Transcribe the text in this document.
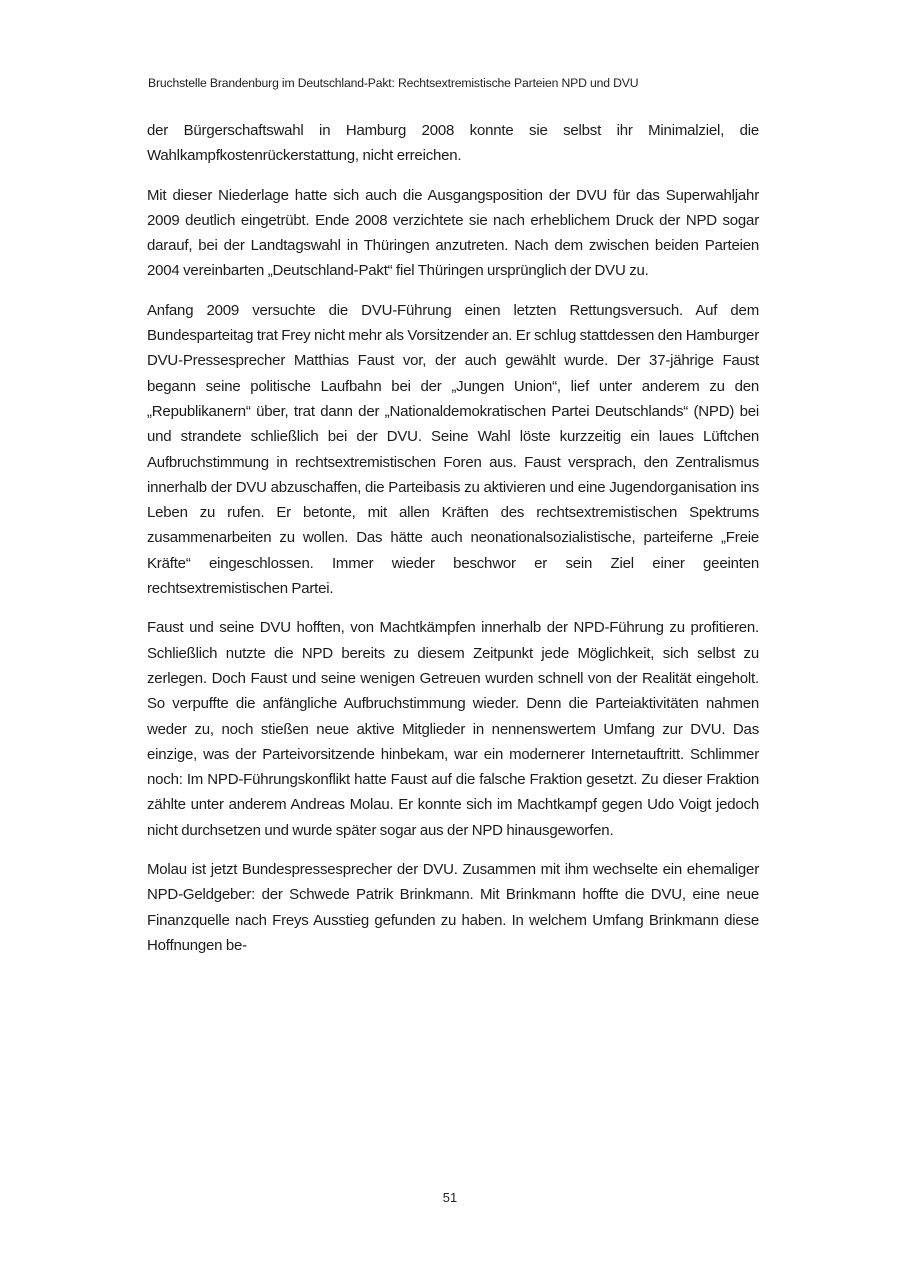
Bruchstelle Brandenburg im Deutschland-Pakt: Rechtsextremistische Parteien NPD und DVU

der Bürgerschaftswahl in Hamburg 2008 konnte sie selbst ihr Minimalziel, die Wahlkampfkostenrückerstattung, nicht erreichen.

Mit dieser Niederlage hatte sich auch die Ausgangsposition der DVU für das Superwahljahr 2009 deutlich eingetrübt. Ende 2008 verzichtete sie nach erheblichem Druck der NPD sogar darauf, bei der Landtagswahl in Thüringen anzutreten. Nach dem zwischen beiden Parteien 2004 vereinbarten „Deutschland-Pakt“ fiel Thüringen ursprünglich der DVU zu.

Anfang 2009 versuchte die DVU-Führung einen letzten Rettungsversuch. Auf dem Bundesparteitag trat Frey nicht mehr als Vorsitzender an. Er schlug stattdessen den Hamburger DVU-Pressesprecher Matthias Faust vor, der auch gewählt wurde. Der 37-jährige Faust begann seine politische Laufbahn bei der „Jungen Union“, lief unter anderem zu den „Republikanern“ über, trat dann der „Nationaldemokratischen Partei Deutschlands“ (NPD) bei und strandete schließlich bei der DVU. Seine Wahl löste kurzzeitig ein laues Lüftchen Aufbruchstimmung in rechtsextremistischen Foren aus. Faust versprach, den Zentralismus innerhalb der DVU abzuschaffen, die Parteibasis zu aktivieren und eine Jugendorganisation ins Leben zu rufen. Er betonte, mit allen Kräften des rechtsextremistischen Spektrums zusammenarbeiten zu wollen. Das hätte auch neonationalsozialistische, parteiferne „Freie Kräfte“ eingeschlossen. Immer wieder beschwor er sein Ziel einer geeinten rechtsextremistischen Partei.

Faust und seine DVU hofften, von Machtkämpfen innerhalb der NPD-Führung zu profitieren. Schließlich nutzte die NPD bereits zu diesem Zeitpunkt jede Möglichkeit, sich selbst zu zerlegen. Doch Faust und seine wenigen Getreuen wurden schnell von der Realität eingeholt. So verpuffte die anfängliche Aufbruchstimmung wieder. Denn die Parteiaktivitäten nahmen weder zu, noch stießen neue aktive Mitglieder in nennenswertem Umfang zur DVU. Das einzige, was der Parteivorsitzende hinbekam, war ein modernerer Internetauftritt. Schlimmer noch: Im NPD-Führungskonflikt hatte Faust auf die falsche Fraktion gesetzt. Zu dieser Fraktion zählte unter anderem Andreas Molau. Er konnte sich im Machtkampf gegen Udo Voigt jedoch nicht durchsetzen und wurde später sogar aus der NPD hinausgeworfen.

Molau ist jetzt Bundespressesprecher der DVU. Zusammen mit ihm wechselte ein ehemaliger NPD-Geldgeber: der Schwede Patrik Brinkmann. Mit Brinkmann hoffte die DVU, eine neue Finanzquelle nach Freys Ausstieg gefunden zu haben. In welchem Umfang Brinkmann diese Hoffnungen be-

51
